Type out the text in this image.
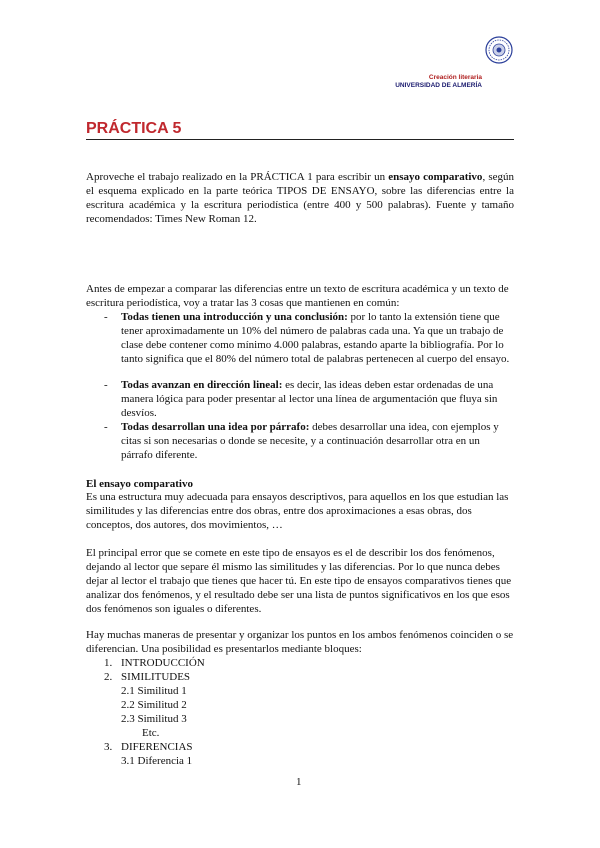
Creación literaria
UNIVERSIDAD DE ALMERÍA
PRÁCTICA 5
Aproveche el trabajo realizado en la PRÁCTICA 1 para escribir un ensayo comparativo, según el esquema explicado en la parte teórica TIPOS DE ENSAYO, sobre las diferencias entre la escritura académica y la escritura periodística (entre 400 y 500 palabras). Fuente y tamaño recomendados: Times New Roman 12.
Antes de empezar a comparar las diferencias entre un texto de escritura académica y un texto de escritura periodística, voy a tratar las 3 cosas que mantienen en común:
- Todas tienen una introducción y una conclusión: por lo tanto la extensión tiene que tener aproximadamente un 10% del número de palabras cada una. Ya que un trabajo de clase debe contener como mínimo 4.000 palabras, estando aparte la bibliografía. Por lo tanto significa que el 80% del número total de palabras pertenecen al cuerpo del ensayo.
- Todas avanzan en dirección lineal: es decir, las ideas deben estar ordenadas de una manera lógica para poder presentar al lector una línea de argumentación que fluya sin desvíos.
- Todas desarrollan una idea por párrafo: debes desarrollar una idea, con ejemplos y citas si son necesarias o donde se necesite, y a continuación desarrollar otra en un párrafo diferente.
El ensayo comparativo
Es una estructura muy adecuada para ensayos descriptivos, para aquellos en los que estudian las similitudes y las diferencias entre dos obras, entre dos aproximaciones a esas obras, dos conceptos, dos autores, dos movimientos, …
El principal error que se comete en este tipo de ensayos es el de describir los dos fenómenos, dejando al lector que separe él mismo las similitudes y las diferencias. Por lo que nunca debes dejar al lector el trabajo que tienes que hacer tú. En este tipo de ensayos comparativos tienes que analizar dos fenómenos, y el resultado debe ser una lista de puntos significativos en los que esos dos fenómenos son iguales o diferentes.
Hay muchas maneras de presentar y organizar los puntos en los ambos fenómenos coinciden o se diferencian. Una posibilidad es presentarlos mediante bloques:
1. INTRODUCCIÓN
2. SIMILITUDES
2.1 Similitud 1
2.2 Similitud 2
2.3 Similitud 3
Etc.
3. DIFERENCIAS
3.1 Diferencia 1
1
